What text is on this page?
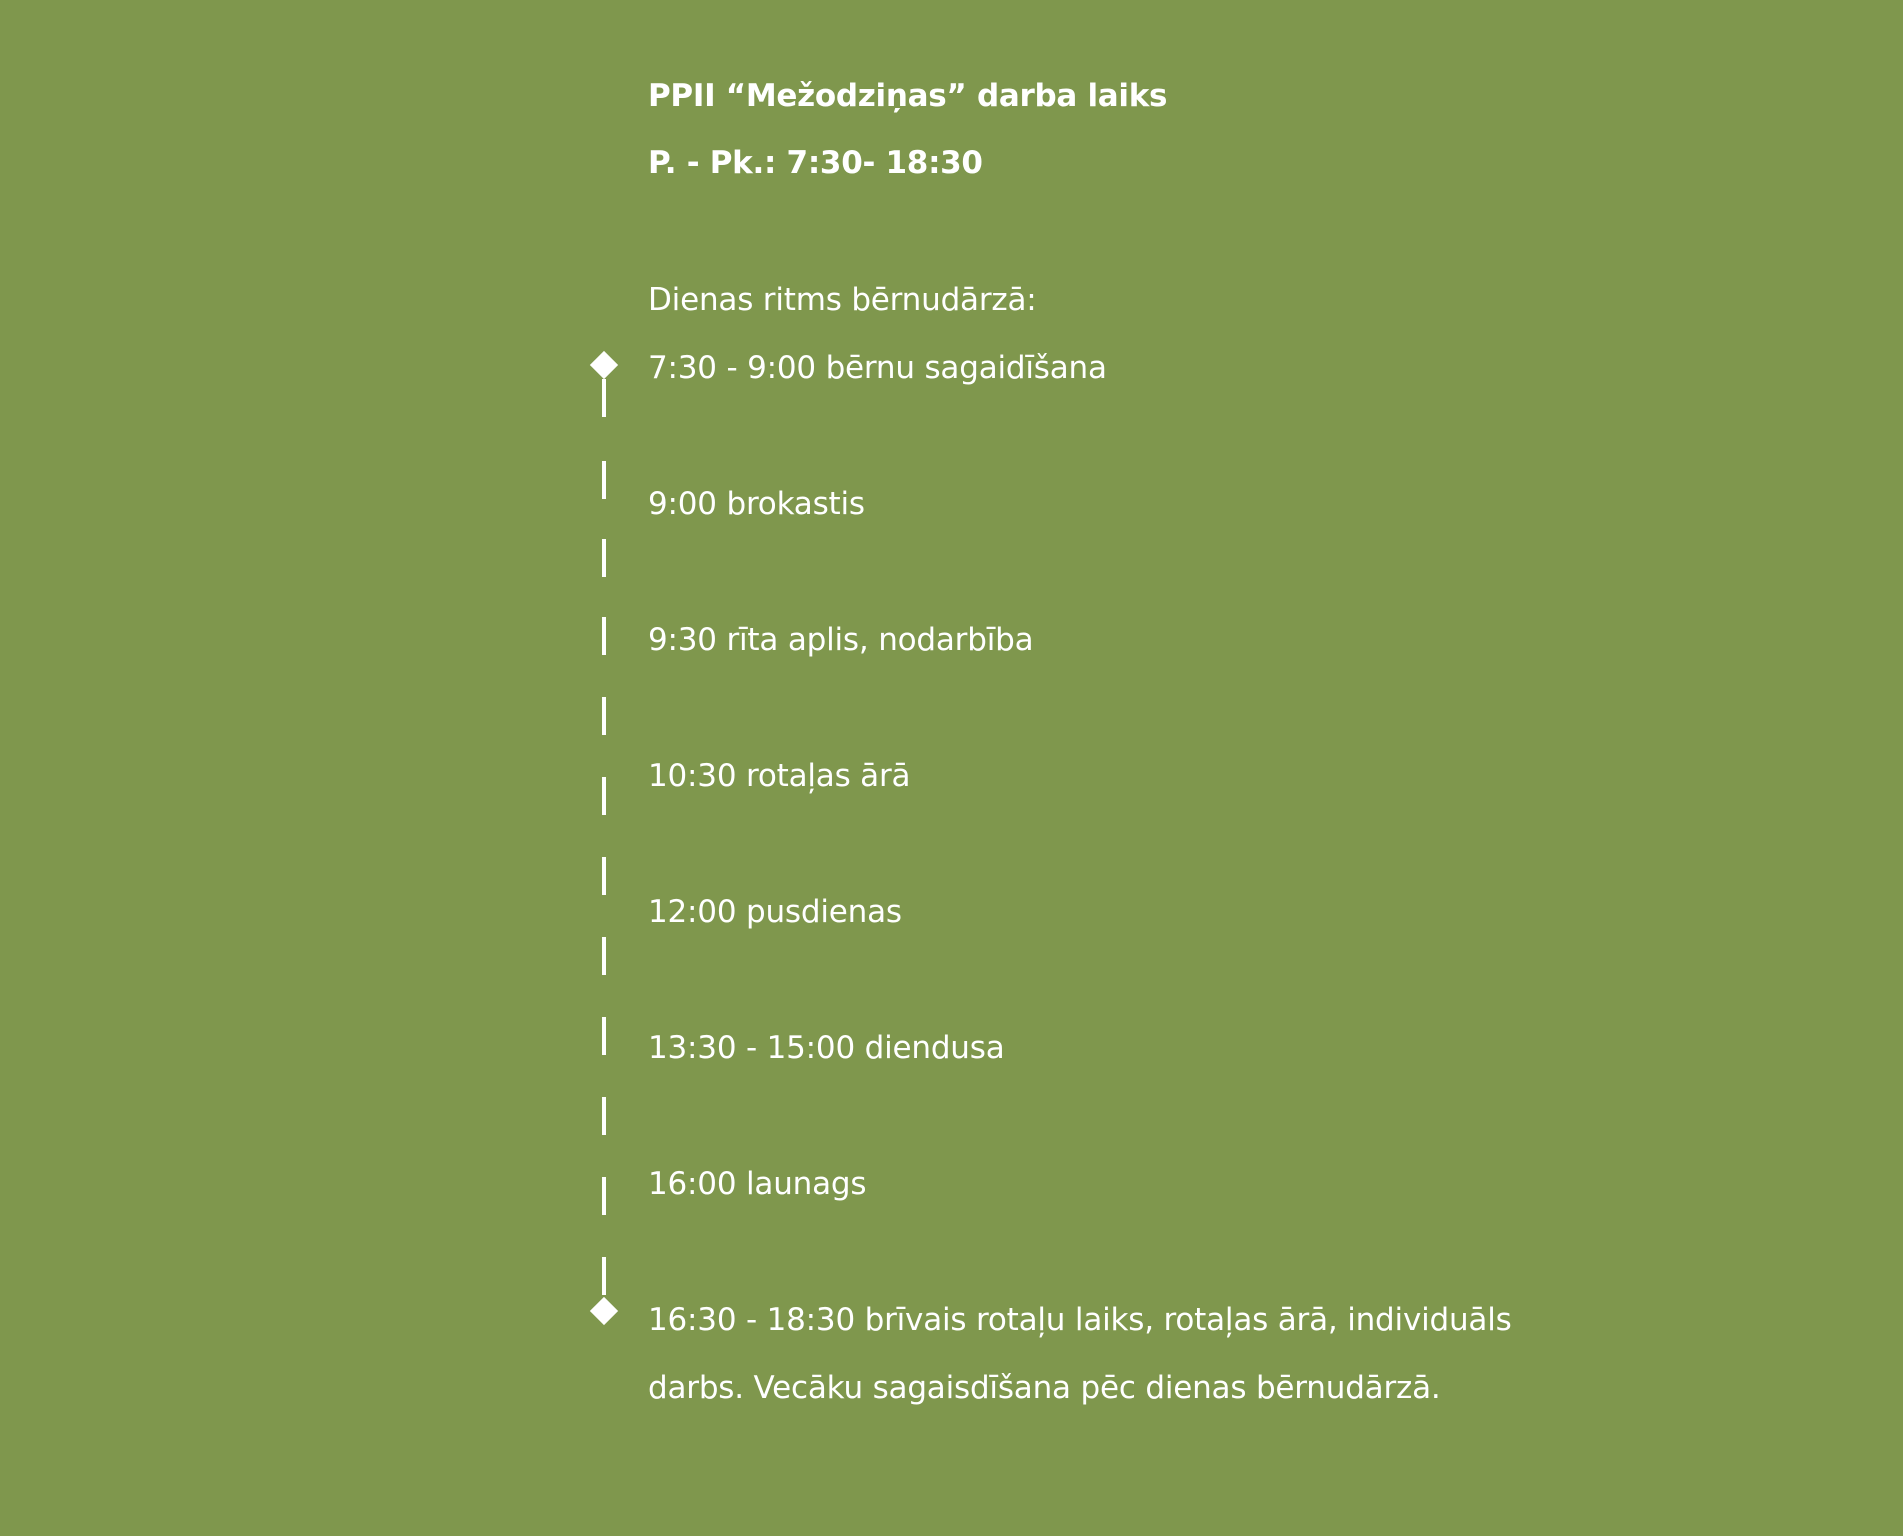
PPII “Mežodziņas” darba laiks
P. - Pk.: 7:30- 18:30
Dienas ritms bērnudārzā:
7:30 - 9:00 bērnu sagaidīšana
9:00 brokastis
9:30 rīta aplis, nodarbība
10:30 rotaļas ārā
12:00 pusdienas
13:30 - 15:00 diendusa
16:00 launags
16:30 - 18:30 brīvais rotaļu laiks, rotaļas ārā, individuāls
darbs. Vecāku sagaisdīšana pēc dienas bērnudārzā.
